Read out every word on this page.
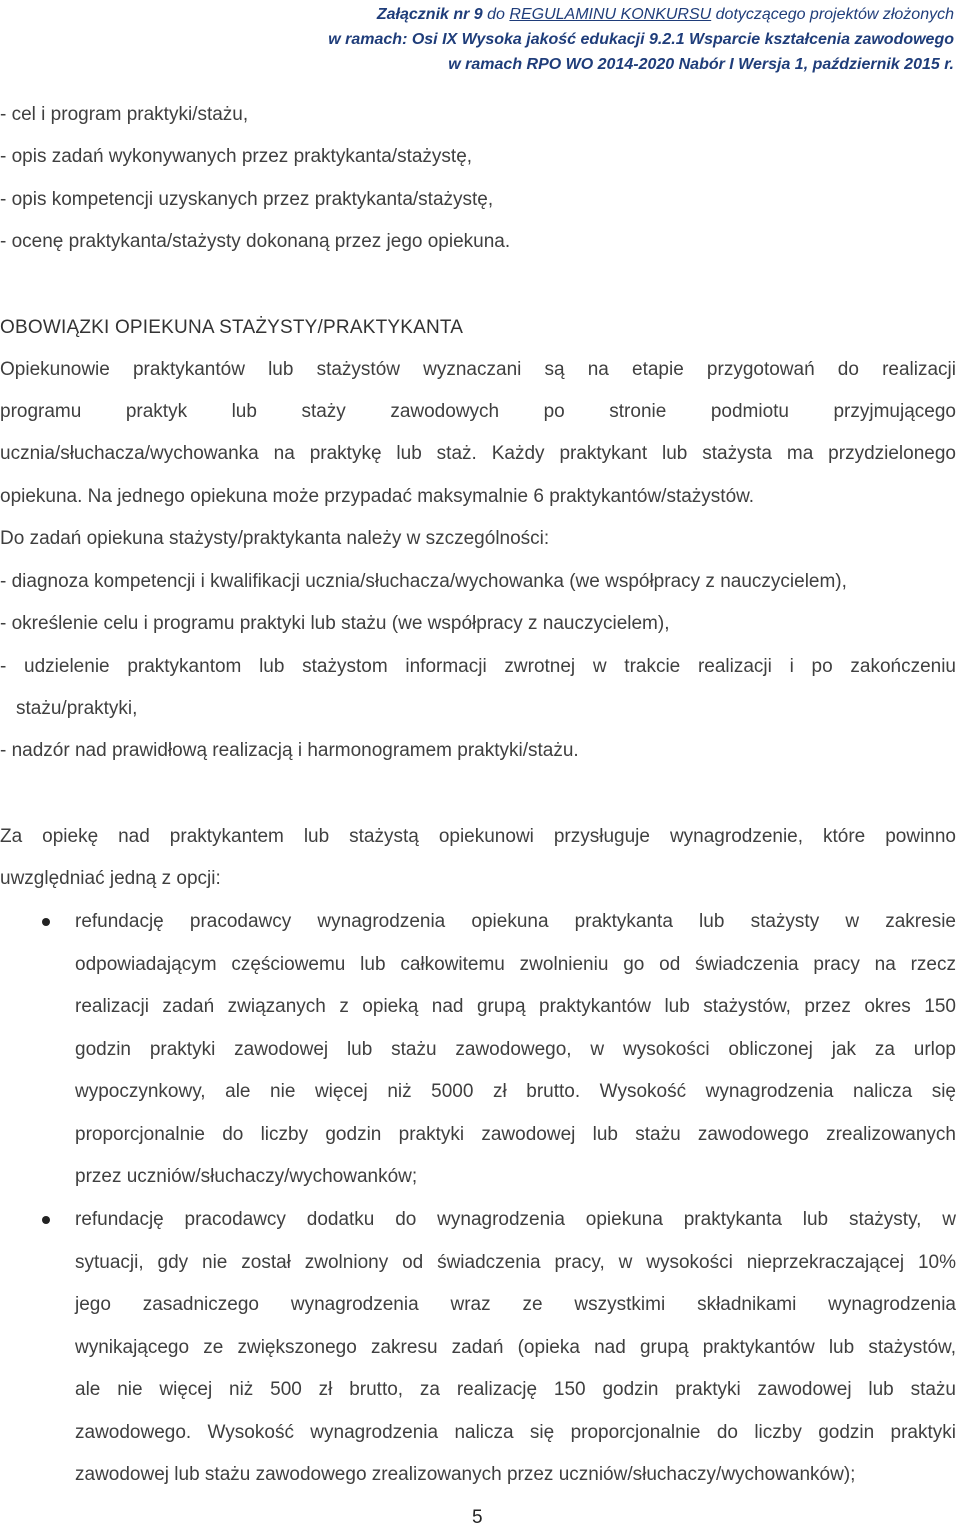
Załącznik nr 9 do REGULAMINU KONKURSU dotyczącego projektów złożonych
w ramach: Osi IX Wysoka jakość edukacji 9.2.1 Wsparcie kształcenia zawodowego
w ramach RPO WO 2014-2020 Nabór I Wersja 1, październik 2015 r.
- cel i program praktyki/stażu,
- opis zadań wykonywanych przez praktykanta/stażystę,
- opis kompetencji uzyskanych przez praktykanta/stażystę,
- ocenę praktykanta/stażysty dokonaną przez jego opiekuna.
OBOWIĄZKI OPIEKUNA STAŻYSTY/PRAKTYKANTA
Opiekunowie praktykantów lub stażystów wyznaczani są na etapie przygotowań do realizacji
programu praktyk lub staży zawodowych po stronie podmiotu przyjmującego
ucznia/słuchacza/wychowanka na praktykę lub staż. Każdy praktykant lub stażysta ma przydzielonego
opiekuna. Na jednego opiekuna może przypadać maksymalnie 6 praktykantów/stażystów.
Do zadań opiekuna stażysty/praktykanta należy w szczególności:
- diagnoza kompetencji i kwalifikacji ucznia/słuchacza/wychowanka (we współpracy z nauczycielem),
- określenie celu i programu praktyki lub stażu (we współpracy z nauczycielem),
- udzielenie praktykantom lub stażystom informacji zwrotnej w trakcie realizacji i po zakończeniu
stażu/praktyki,
- nadzór nad prawidłową realizacją i harmonogramem praktyki/stażu.
Za opiekę nad praktykantem lub stażystą opiekunowi przysługuje wynagrodzenie, które powinno
uwzględniać jedną z opcji:
refundację pracodawcy wynagrodzenia opiekuna praktykanta lub stażysty w zakresie
odpowiadającym częściowemu lub całkowitemu zwolnieniu go od świadczenia pracy na rzecz
realizacji zadań związanych z opieką nad grupą praktykantów lub stażystów, przez okres 150
godzin praktyki zawodowej lub stażu zawodowego, w wysokości obliczonej jak za urlop
wypoczynkowy, ale nie więcej niż 5000 zł brutto. Wysokość wynagrodzenia nalicza się
proporcjonalnie do liczby godzin praktyki zawodowej lub stażu zawodowego zrealizowanych
przez uczniów/słuchaczy/wychowanków;
refundację pracodawcy dodatku do wynagrodzenia opiekuna praktykanta lub stażysty, w
sytuacji, gdy nie został zwolniony od świadczenia pracy, w wysokości nieprzekraczającej 10%
jego zasadniczego wynagrodzenia wraz ze wszystkimi składnikami wynagrodzenia
wynikającego ze zwiększonego zakresu zadań (opieka nad grupą praktykantów lub stażystów,
ale nie więcej niż 500 zł brutto, za realizację 150 godzin praktyki zawodowej lub stażu
zawodowego. Wysokość wynagrodzenia nalicza się proporcjonalnie do liczby godzin praktyki
zawodowej lub stażu zawodowego zrealizowanych przez uczniów/słuchaczy/wychowanków);
5
